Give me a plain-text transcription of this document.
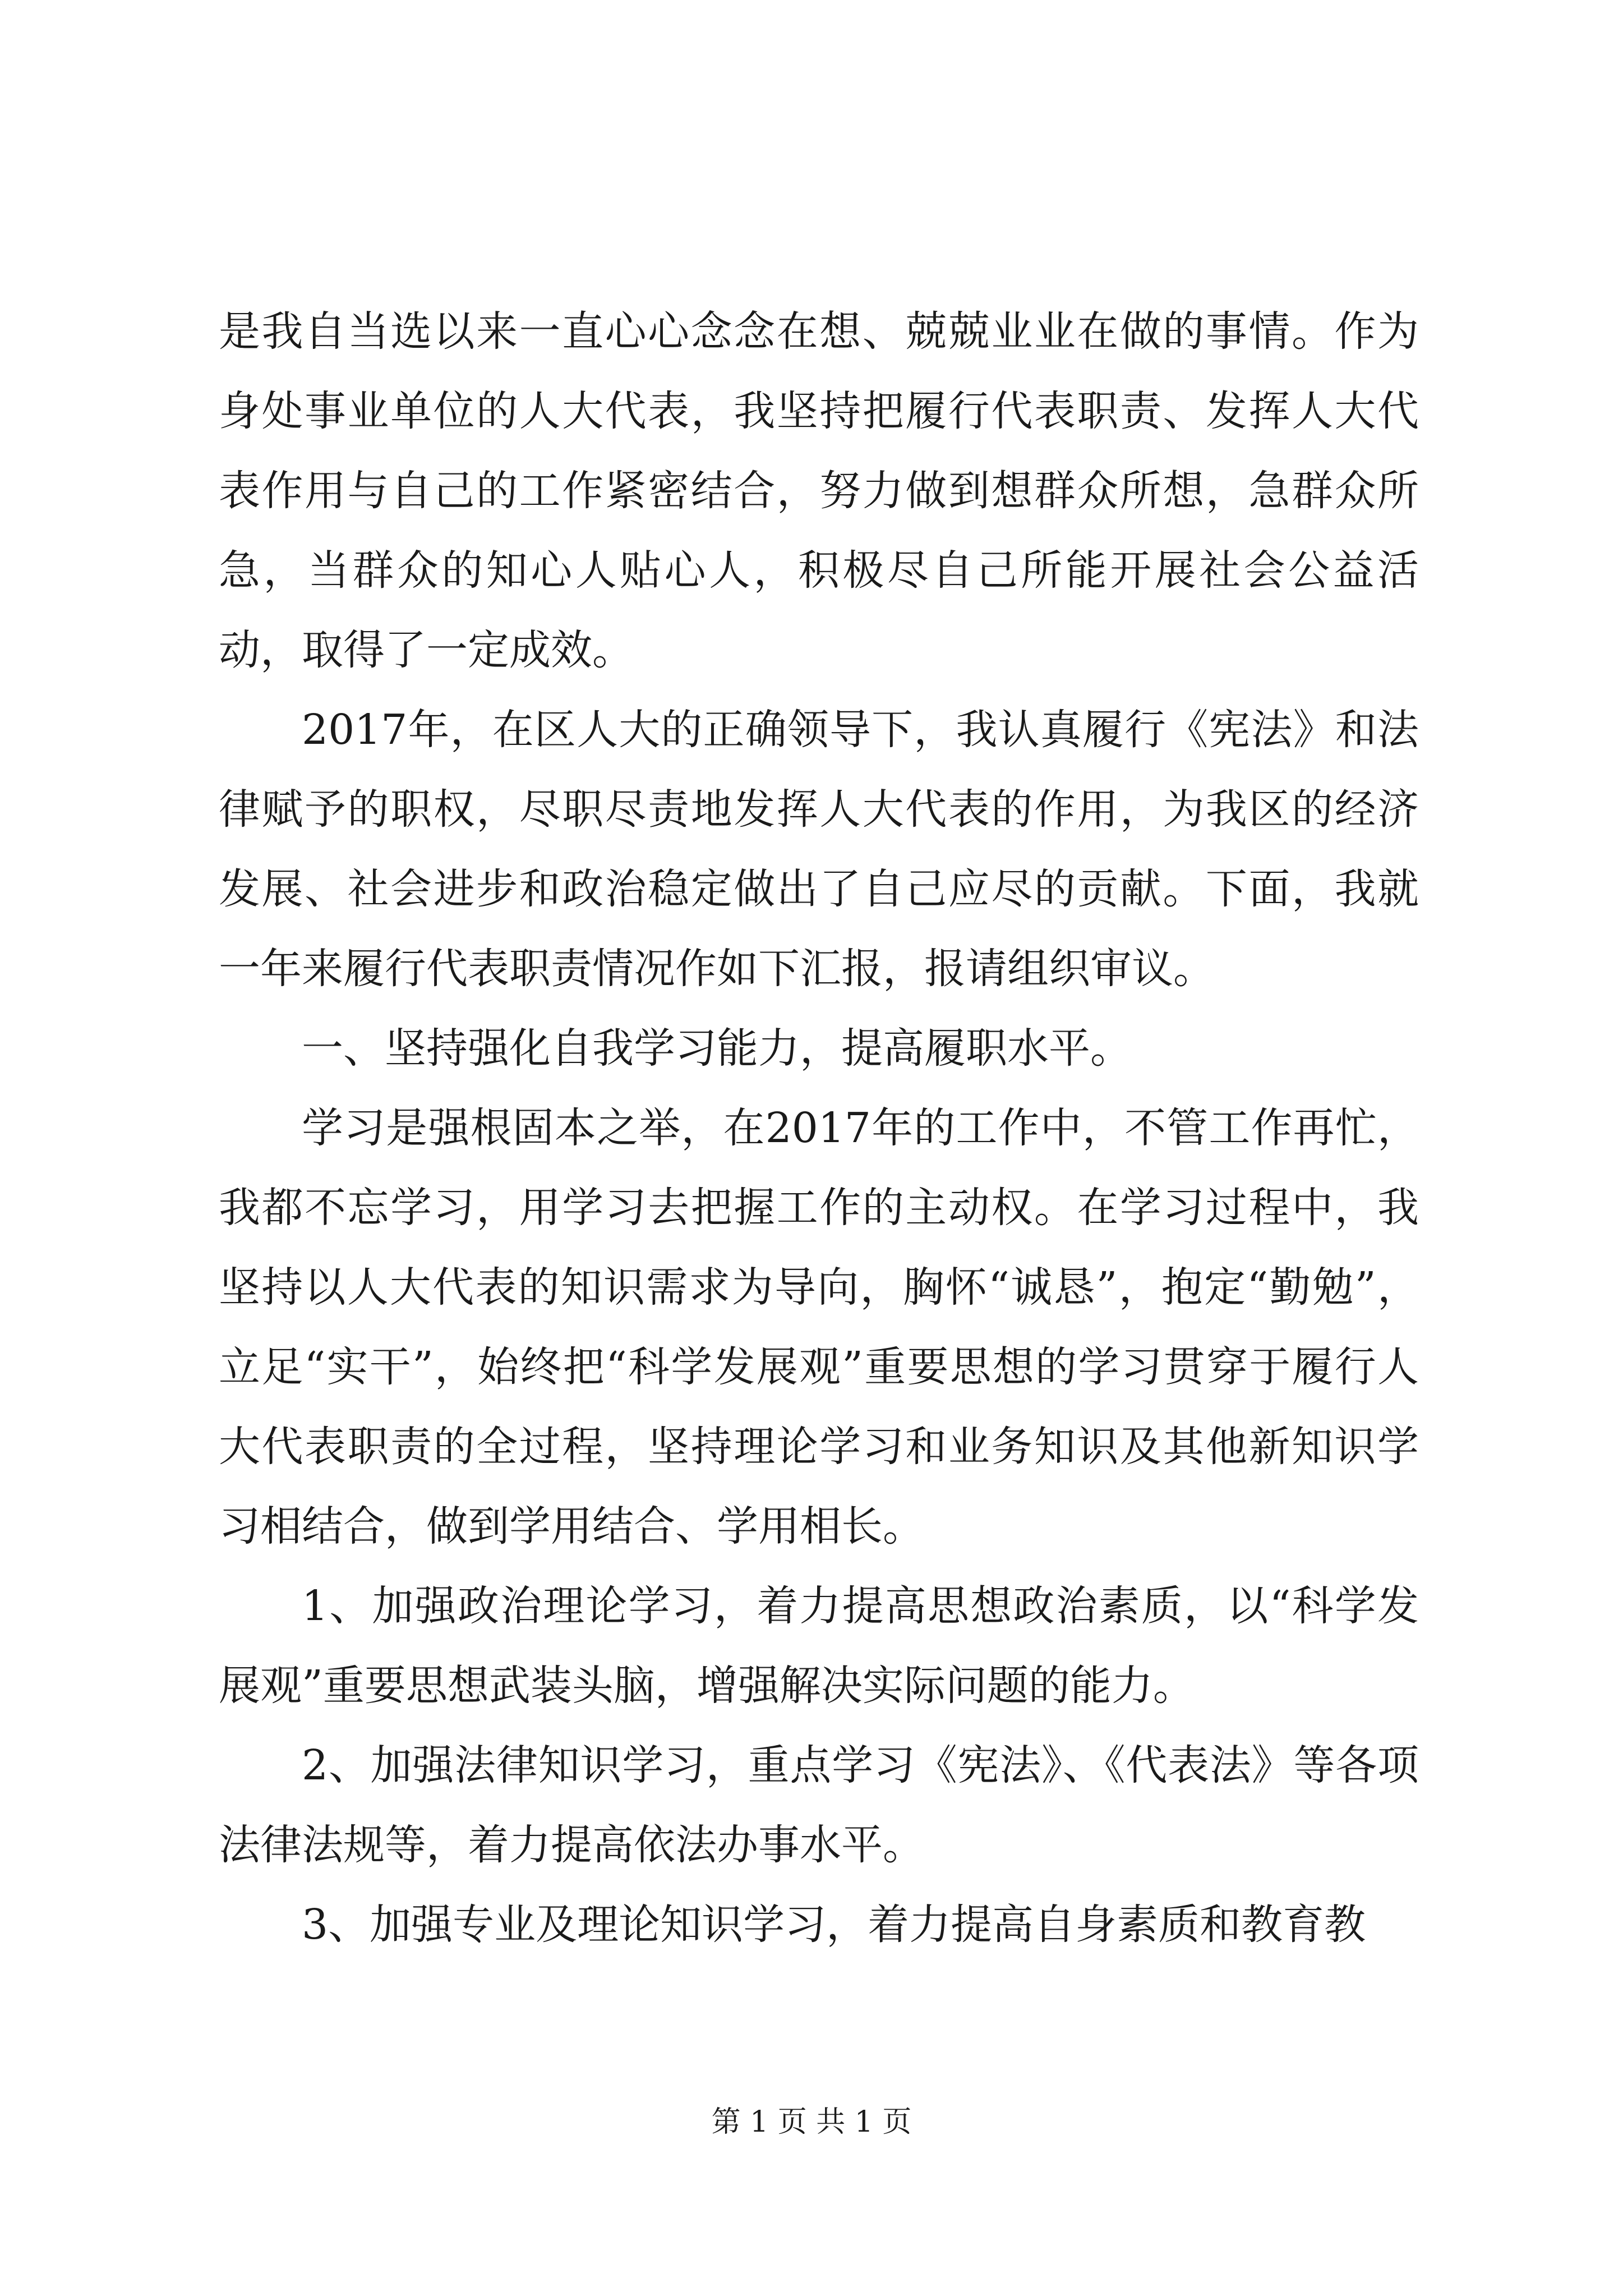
是我自当选以来一直心心念念在想、兢兢业业在做的事情。作为身处事业单位的人大代表，我坚持把履行代表职责、发挥人大代表作用与自己的工作紧密结合，努力做到想群众所想，急群众所急，当群众的知心人贴心人，积极尽自己所能开展社会公益活动，取得了一定成效。

2017年，在区人大的正确领导下，我认真履行《宪法》和法律赋予的职权，尽职尽责地发挥人大代表的作用，为我区的经济发展、社会进步和政治稳定做出了自己应尽的贡献。下面，我就一年来履行代表职责情况作如下汇报，报请组织审议。

一、坚持强化自我学习能力，提高履职水平。

学习是强根固本之举，在2017年的工作中，不管工作再忙，我都不忘学习，用学习去把握工作的主动权。在学习过程中，我坚持以人大代表的知识需求为导向，胸怀“诚恳”，抱定“勤勉”，立足“实干”，始终把“科学发展观”重要思想的学习贯穿于履行人大代表职责的全过程，坚持理论学习和业务知识及其他新知识学习相结合，做到学用结合、学用相长。

1、加强政治理论学习，着力提高思想政治素质，以“科学发展观”重要思想武装头脑，增强解决实际问题的能力。

2、加强法律知识学习，重点学习《宪法》、《代表法》等各项法律法规等，着力提高依法办事水平。

3、加强专业及理论知识学习，着力提高自身素质和教育教

第 1 页 共 1 页
